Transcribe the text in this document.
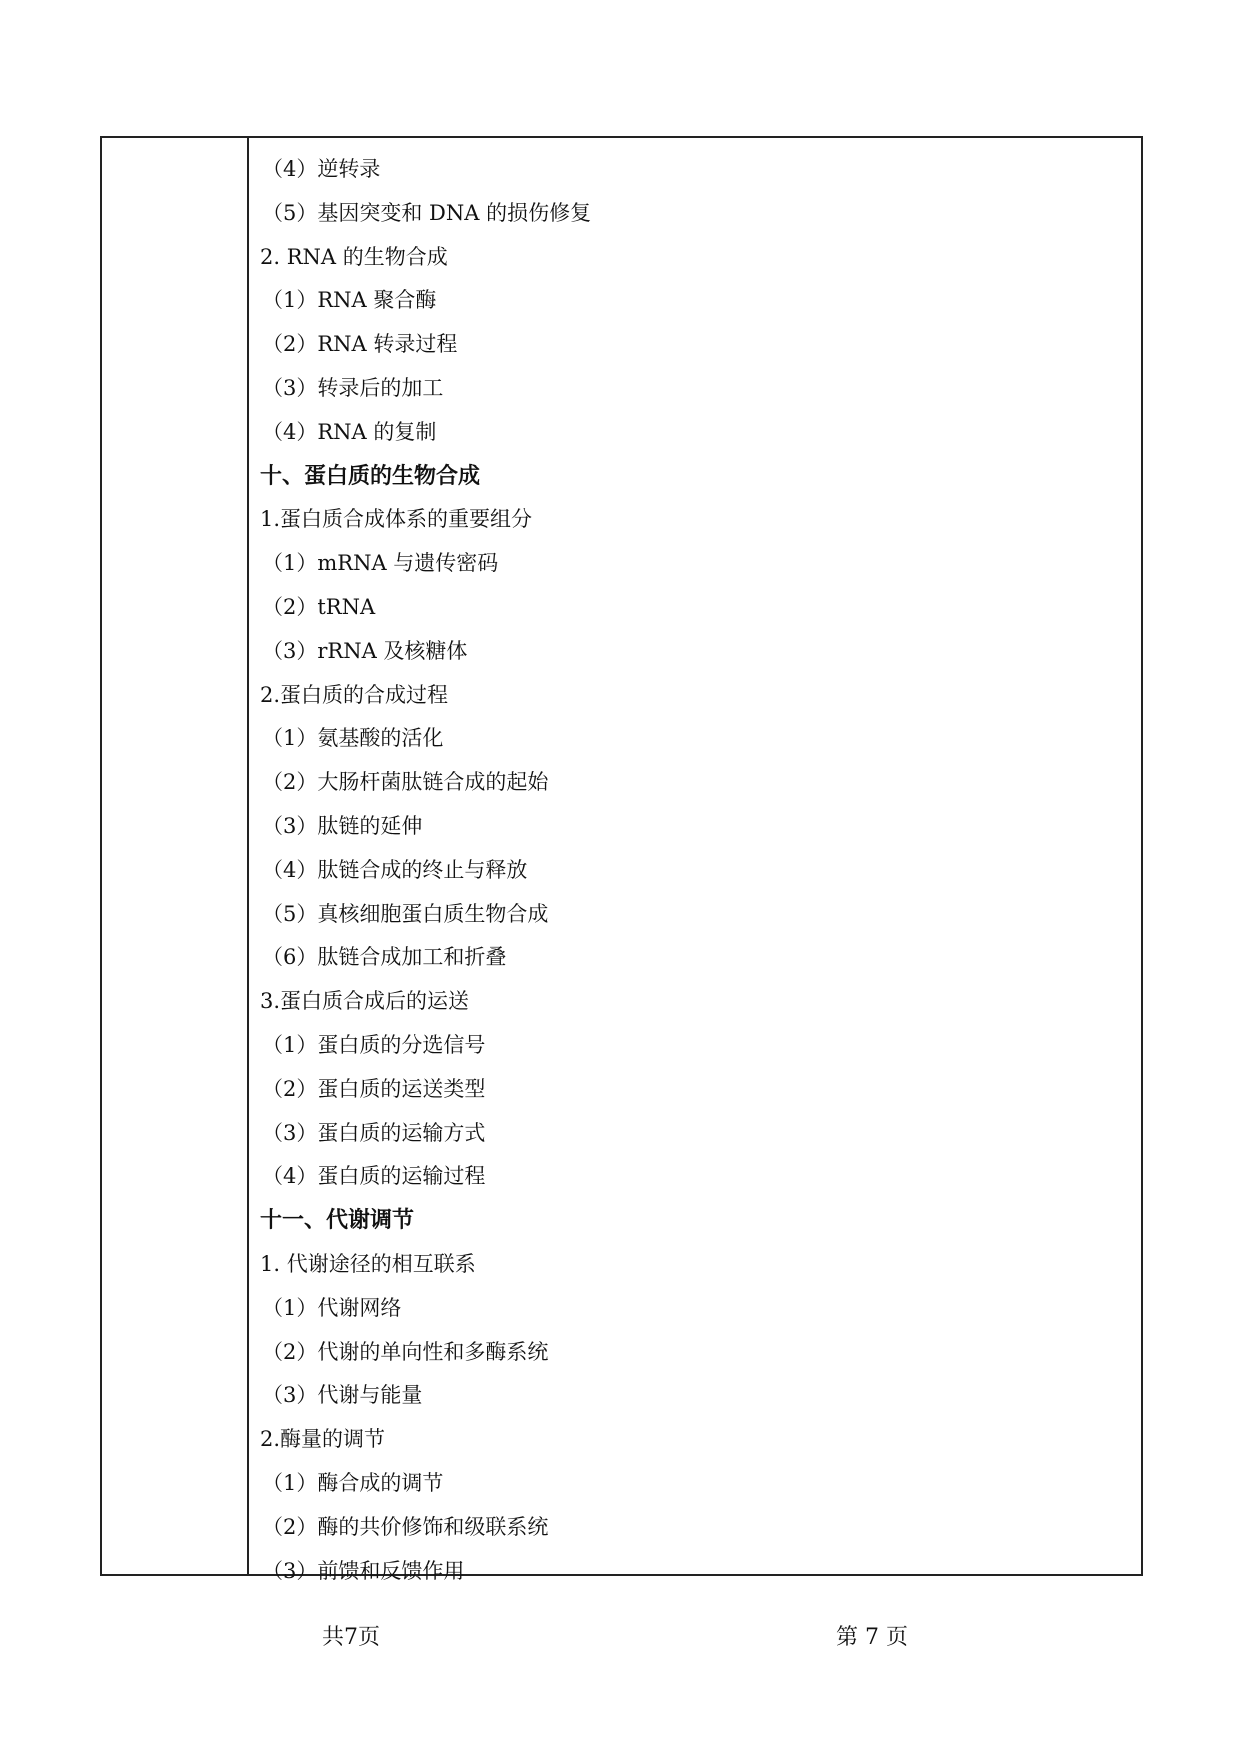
（4）逆转录
（5）基因突变和 DNA 的损伤修复
2. RNA 的生物合成
（1）RNA 聚合酶
（2）RNA 转录过程
（3）转录后的加工
（4）RNA 的复制
十、蛋白质的生物合成
1.蛋白质合成体系的重要组分
（1）mRNA 与遗传密码
（2）tRNA
（3）rRNA 及核糖体
2.蛋白质的合成过程
（1）氨基酸的活化
（2）大肠杆菌肽链合成的起始
（3）肽链的延伸
（4）肽链合成的终止与释放
（5）真核细胞蛋白质生物合成
（6）肽链合成加工和折叠
3.蛋白质合成后的运送
（1）蛋白质的分选信号
（2）蛋白质的运送类型
（3）蛋白质的运输方式
（4）蛋白质的运输过程
十一、代谢调节
1. 代谢途径的相互联系
（1）代谢网络
（2）代谢的单向性和多酶系统
（3）代谢与能量
2.酶量的调节
（1）酶合成的调节
（2）酶的共价修饰和级联系统
（3）前馈和反馈作用
共7页	第 7 页
